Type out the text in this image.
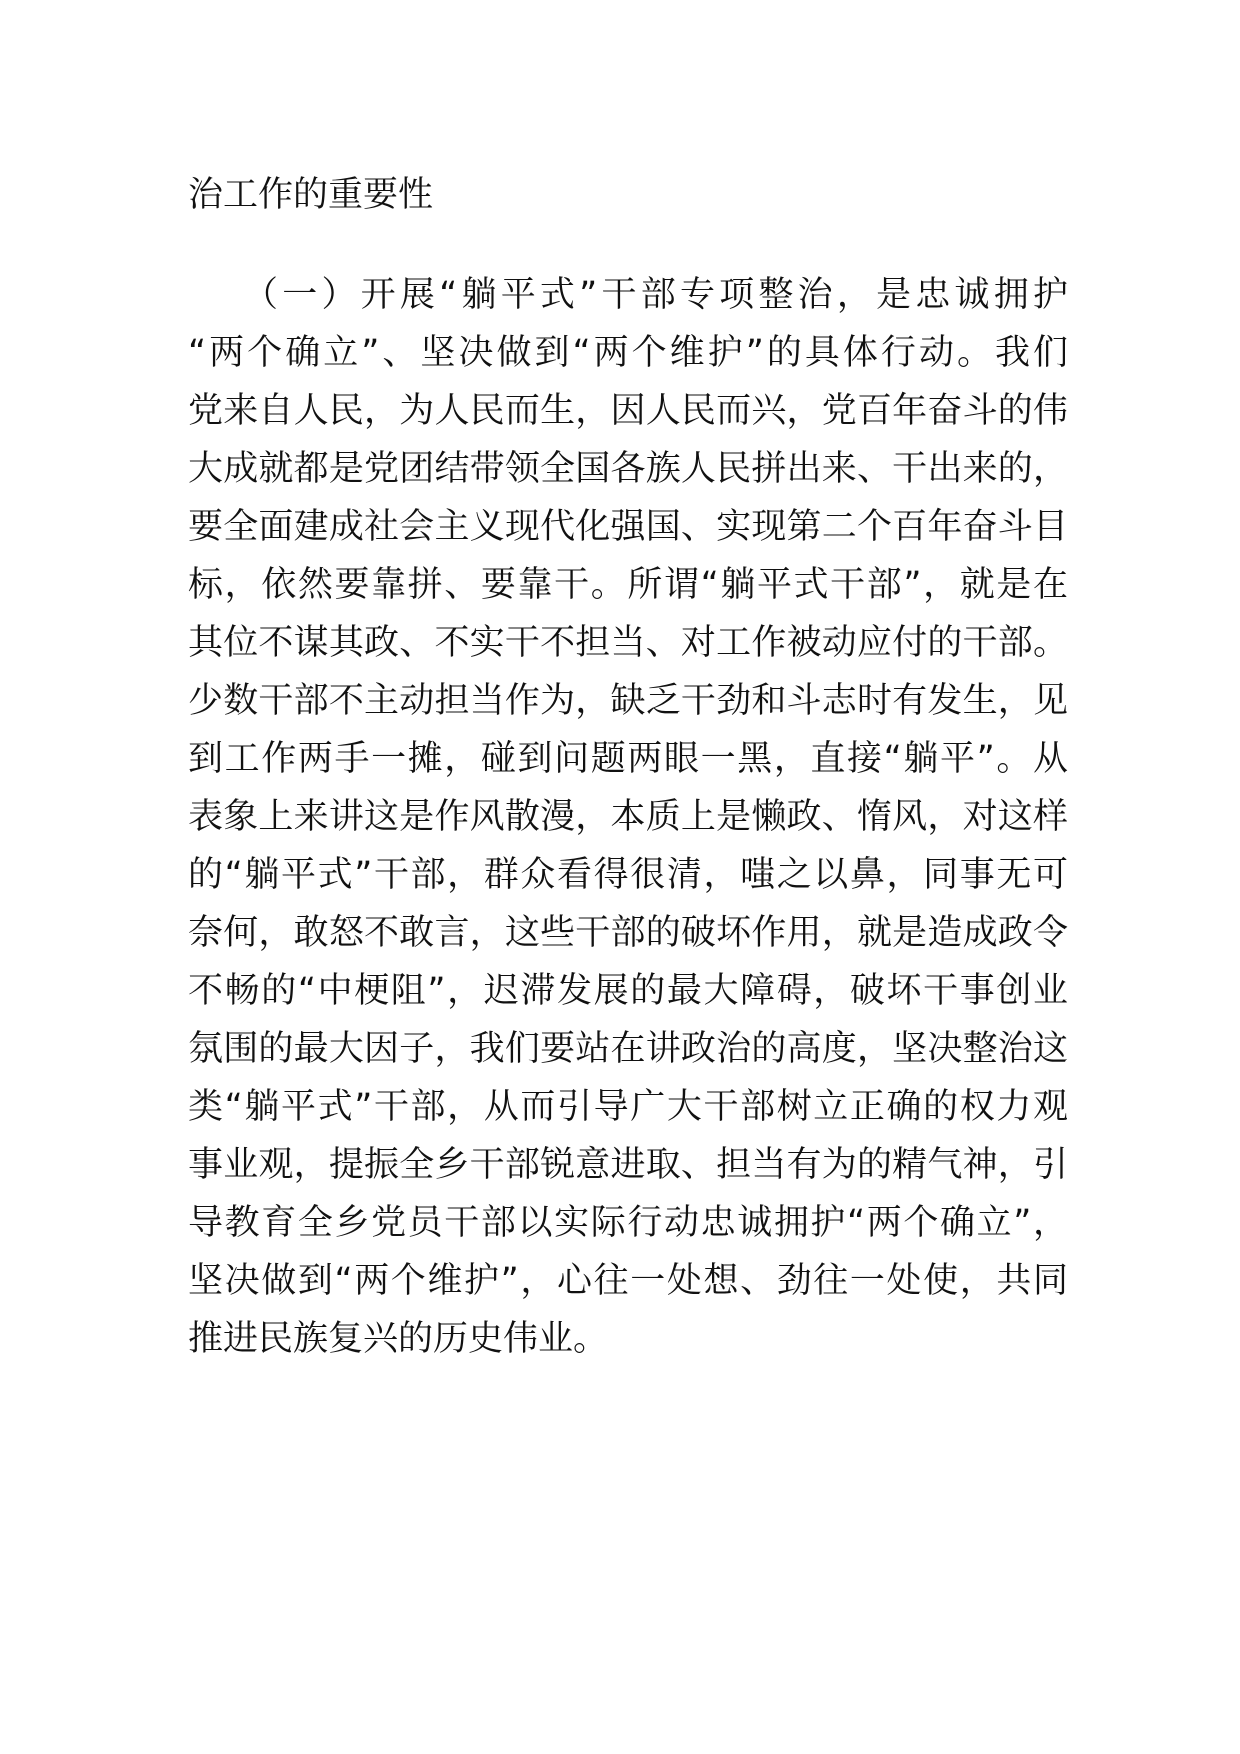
治工作的重要性

（一）开展“躺平式”干部专项整治，是忠诚拥护

“两个确立”、坚决做到“两个维护”的具体行动。我们

党来自人民，为人民而生，因人民而兴，党百年奋斗的伟

大成就都是党团结带领全国各族人民拼出来、干出来的，

要全面建成社会主义现代化强国、实现第二个百年奋斗目

标，依然要靠拼、要靠干。所谓“躺平式干部”，就是在

其位不谋其政、不实干不担当、对工作被动应付的干部。

少数干部不主动担当作为，缺乏干劲和斗志时有发生，见

到工作两手一摊，碰到问题两眼一黑，直接“躺平”。从

表象上来讲这是作风散漫，本质上是懒政、惰风，对这样

的“躺平式”干部，群众看得很清，嗤之以鼻，同事无可

奈何，敢怒不敢言，这些干部的破坏作用，就是造成政令

不畅的“中梗阻”，迟滞发展的最大障碍，破坏干事创业

氛围的最大因子，我们要站在讲政治的高度，坚决整治这

类“躺平式”干部，从而引导广大干部树立正确的权力观

事业观，提振全乡干部锐意进取、担当有为的精气神，引

导教育全乡党员干部以实际行动忠诚拥护“两个确立”，

坚决做到“两个维护”，心往一处想、劲往一处使，共同

推进民族复兴的历史伟业。
